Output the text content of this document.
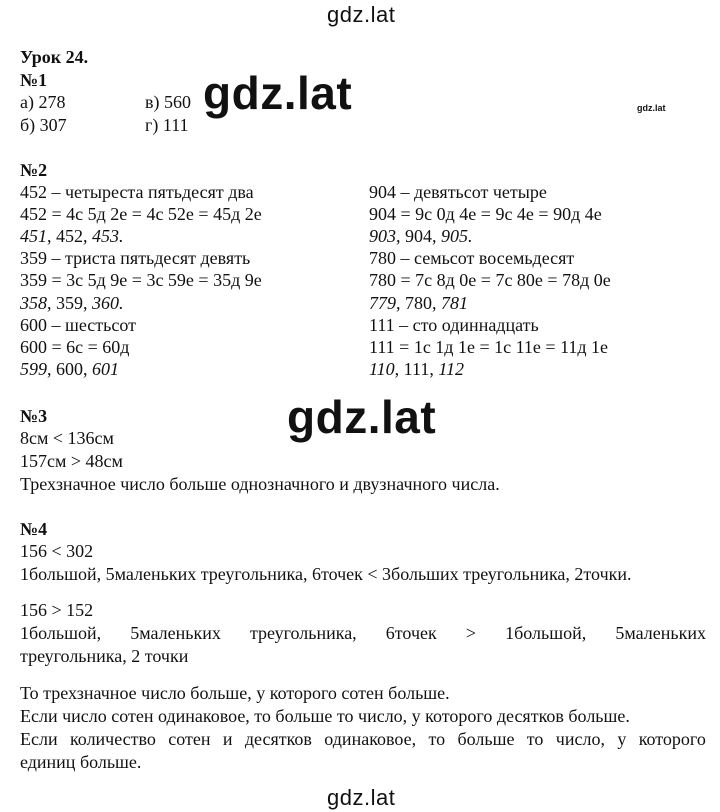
gdz.lat
gdz.lat	gdz.lat
gdz.lat
gdz.lat
Урок 24.
№1
а) 278
б) 307
в) 560
г) 111
№2
452 – четыреста пятьдесят два
452 = 4с 5д 2е = 4с 52е = 45д 2е
451, 452, 453.
359 – триста пятьдесят девять
359 = 3с 5д 9е = 3с 59е = 35д 9е
358, 359, 360.
600 – шестьсот
600 = 6с = 60д
599, 600, 601
904 – девятьсот четыре
904 = 9с 0д 4е = 9с 4е = 90д 4е
903, 904, 905.
780 – семьсот восемьдесят
780 = 7с 8д 0е = 7с 80е = 78д 0е
779, 780, 781
111 – сто одиннадцать
111 = 1с 1д 1е = 1с 11е = 11д 1е
110, 111, 112
№3
8см < 136см
157см > 48см
Трехзначное число больше однозначного и двузначного числа.
№4
156 < 302
1большой, 5маленьких треугольника, 6точек < 3больших треугольника, 2точки.
156 > 152
1большой, 5маленьких треугольника, 6точек > 1большой, 5маленьких
треугольника, 2 точки
То трехзначное число больше, у которого сотен больше.
Если число сотен одинаковое, то больше то число, у которого десятков больше.
Если количество сотен и десятков одинаковое, то больше то число, у которого
единиц больше.
